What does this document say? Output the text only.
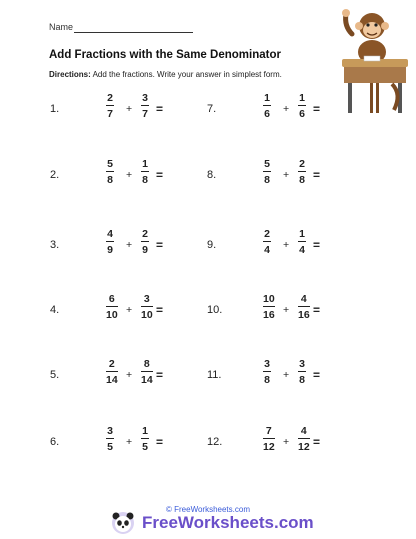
Name
Add Fractions with the Same Denominator
Directions: Add the fractions. Write your answer in simplest form.
1.
2
7 +
3
7 =
2.
5
8 +
1
8 =
3.
4
9 +
2
9 =
4.
6
10 +
3
10 =
5.
2
14 +
8
14 =
6.
3
5 +
1
5 =
7.
1
6 +
1
6 =
8.
5
8 +
2
8 =
9.
2
4 +
1
4 =
10.
10
16 +
4
16 =
11.
3
8 +
3
8 =
12.
7
12 +
4
12 =
© FreeWorksheets.com
FreeWorksheets.com
